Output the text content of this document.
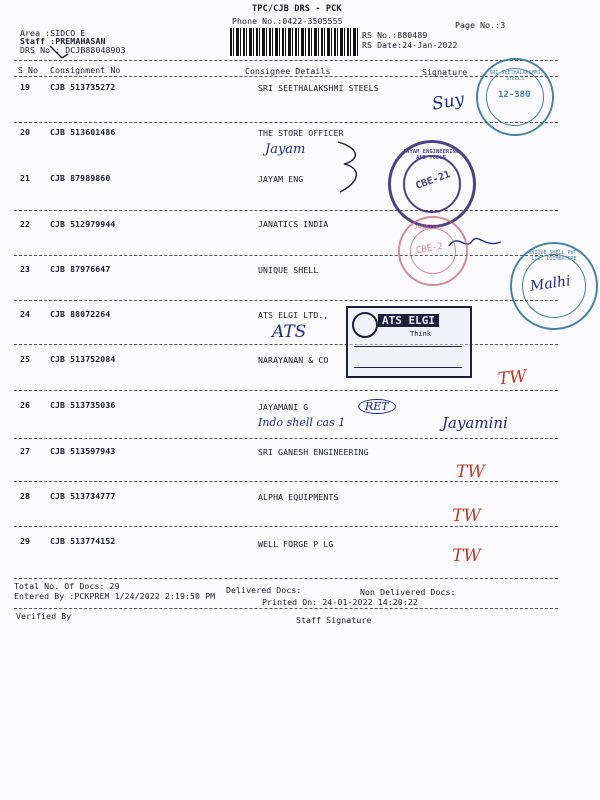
TPC/CJB DRS - PCK
Phone No.:0422-3505555	Page No.:3
Area :SIDCO E
Staff :PREMAHASAN
DRS No : DCJB88048903
RS No.:880489
RS Date:24-Jan-2022
S No Consignment No	Consignee Details	Signature
19 CJB 513735272	SRI SEETHALAKSHMI STEELS
20 CJB 513601486	THE STORE OFFICER
21 CJB 87989860	JAYAM ENG
22 CJB 512979944	JANATICS INDIA
23 CJB 87976647	UNIQUE SHELL
24 CJB 88072264	ATS ELGI LTD.,
25 CJB 513752084	NARAYANAN & CO
26 CJB 513735036	JAYAMANI G
27 CJB 513597943	SRI GANESH ENGINEERING
28 CJB 513734777	ALPHA EQUIPMENTS
29 CJB 513774152	WELL FORGE P LG
Suy
Jayam
Malhi
ATS
TW
Indo shell cas 1
RET
Jayamini
TW
TW
TW
SRI SEETHALAKSHMI STEELS
12-380
JAYAM ENGINEERING AND TOOLS
CBE-21
JANATICS
CBE-2	UNIQUE SHELL PVT. LTD. COIMBATORE
ATS ELGI
Think
Total No. Of Docs: 29	Delivered Docs:	Non Delivered Docs:
Entered By :PCKPREM 1/24/2022 2:19:50 PM
Printed On: 24-01-2022 14:20:22
Verified By	Staff Signature
